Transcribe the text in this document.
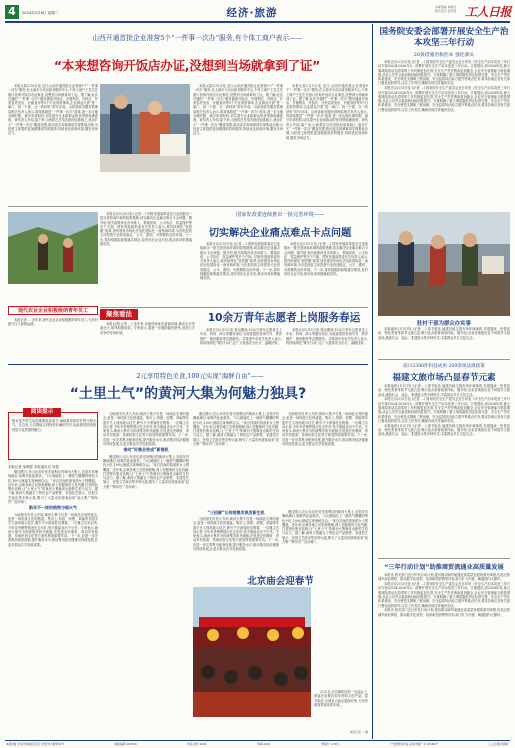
4	2024年2月6日 星期二	经济·旅游	本版责编: 韩新宇
版式设计: 张芳雯 工人日报
山西开通首批企业准营5个“一件事一次办”服务,有个体工商户表示——
“本来想咨询开饭店办证,没想到当场就拿到了证”

本报太原2月5日电 近日,山西开通首批企业准营5个“一件事一次办”服务,在太原市小店区政务服务中心,个体工商户王先生在窗口咨询开饭店办证事宜,没想到当场就拿到了证。据了解,此次开通的“一件事一次办”服务涵盖开饭店、开便利店、开药店、开美容美发店、开健身房等5个行业准营事项,企业群众只需“进一扇门、找一个窗、交一套材料”即可办成。山西省政务服务管理局相关负责人表示,将持续推进“一件事一次办”改革,进一步压缩办理时限、减少申请材料,切实提升企业和群众的获得感和满意度。该负责人介绍,接下来,山西将在总结首批经验基础上,逐步扩大“一件事一次办”覆盖范围,推动更多高频事项实现集成办理,为经营主体提供更加便捷高效的服务,持续优化营商环境,激发市场活力。

本报太原2月5日电 近日,山西开通首批企业准营5个“一件事一次办”服务,在太原市小店区政务服务中心,个体工商户王先生在窗口咨询开饭店办证事宜,没想到当场就拿到了证。据了解,此次开通的“一件事一次办”服务涵盖开饭店、开便利店、开药店、开美容美发店、开健身房等5个行业准营事项,企业群众只需“进一扇门、找一个窗、交一套材料”即可办成。山西省政务服务管理局相关负责人表示,将持续推进“一件事一次办”改革,进一步压缩办理时限、减少申请材料,切实提升企业和群众的获得感和满意度。该负责人介绍,接下来,山西将在总结首批经验基础上,逐步扩大“一件事一次办”覆盖范围,推动更多高频事项实现集成办理,为经营主体提供更加便捷高效的服务,持续优化营商环境,激发市场活力。

本报太原2月5日电 近日,山西开通首批企业准营5个“一件事一次办”服务,在太原市小店区政务服务中心,个体工商户王先生在窗口咨询开饭店办证事宜,没想到当场就拿到了证。据了解,此次开通的“一件事一次办”服务涵盖开饭店、开便利店、开药店、开美容美发店、开健身房等5个行业准营事项,企业群众只需“进一扇门、找一个窗、交一套材料”即可办成。山西省政务服务管理局相关负责人表示,将持续推进“一件事一次办”改革,进一步压缩办理时限、减少申请材料,切实提升企业和群众的获得感和满意度。该负责人介绍,接下来,山西将在总结首批经验基础上,逐步扩大“一件事一次办”覆盖范围,推动更多高频事项实现集成办理,为经营主体提供更加便捷高效的服务,持续优化营商环境,激发市场活力。

国家发改委连续推出一批完善环境——
切实解决企业痛点难点卡点问题
现代农业企业积极吸纳青年员工

本报记者 ... 近年来,现代农业企业积极吸纳青年员工,为乡村振兴注入新鲜血液。

本报北京2月5日电 (记者 ...) 国家发展改革委近日连续推出一批完善营商环境的政策措施,切实解决企业痛点难点卡点问题。据介绍,相关政策涉及市场准入、要素获取、公平执法、权益保护等多个方面。国家发展改革委有关负责人表示,将持续深化“放管服”改革,加快建设市场化法治化国际化一流营商环境,为各类经营主体投资兴业营造稳定、公平、透明、可预期的良好环境。下一步,将持续跟踪政策落实情况,及时回应企业关切,推动各项举措落地见效。	本报北京2月5日电 (记者 ...) 国家发展改革委近日连续推出一批完善营商环境的政策措施,切实解决企业痛点难点卡点问题。据介绍,相关政策涉及市场准入、要素获取、公平执法、权益保护等多个方面。国家发展改革委有关负责人表示,将持续深化“放管服”改革,加快建设市场化法治化国际化一流营商环境,为各类经营主体投资兴业营造稳定、公平、透明、可预期的良好环境。下一步,将持续跟踪政策落实情况,及时回应企业关切,推动各项举措落地见效。

本报北京2月5日电 (记者 ...) 国家发展改革委近日连续推出一批完善营商环境的政策措施,切实解决企业痛点难点卡点问题。据介绍,相关政策涉及市场准入、要素获取、公平执法、权益保护等多个方面。国家发展改革委有关负责人表示,将持续深化“放管服”改革,加快建设市场化法治化国际化一流营商环境,为各类经营主体投资兴业营造稳定、公平、透明、可预期的良好环境。下一步,将持续跟踪政策落实情况,及时回应企业关切,推动各项举措落地见效。

聚焦看法

本报记者(记者 ...) 近年来,各地持续优化营商环境,推动企业发展壮大,取得积极成效。专家表示,要进一步破除隐性壁垒,营造公平竞争的市场环境。

10余万青年志愿者上岗服务春运

本报北京2月5日电 春运期间,10余万青年志愿者走上车站、机场、码头等服务岗位,为旅客提供咨询引导、秩序维护、便民服务等志愿服务。共青团中央有关负责人表示,将持续深化“暖冬行动”,让广大旅客安全出行、温暖回家。

本报北京2月5日电 春运期间,10余万青年志愿者走上车站、机场、码头等服务岗位,为旅客提供咨询引导、秩序维护、便民服务等志愿服务。共青团中央有关负责人表示,将持续深化“暖冬行动”,让广大旅客安全出行、温暖回家。

2元享用特色美食,100元实现“海鲜自由”——
“土里土气”的黄河大集为何魅力独具?
阅读提示
集市是乡村生活的重要组成部分,承载着浓浓的乡愁与烟火气。在这里,人们既能买到物美价廉的年货,也能感受到传统民俗文化的独特魅力。
本报记者 邹明强 本报通讯员 吴强

刚过腊月,在山东省东营市垦利区的黄河大集上,各类年货琳琅满目,吆喝声此起彼伏。“2元就能吃上一碗热气腾腾的特色小吃,100元就能实现海鲜自由。”来自济南的游客张女士感慨道。近年来,沿黄各地立足资源禀赋,深入挖掘黄河文化内涵,打造特色集市品牌,让“土里土气”的黄河大集焕发出新的生机与活力。据了解,黄河大集融合了特色农产品销售、非遗技艺展示、民俗文艺演出等多种元素,吸引了大量市民游客前来“赶大集”“购年货”“品年味”。

新年不一样的购物与烟火气

当地相关负责人介绍,黄河大集不仅是一场商品交易的盛会,更是一场传统文化的盛宴。集市上,剪纸、面塑、草编等非遗手艺人现场展示技艺,吸引不少游客驻足观看。一位摊主告诉记者,今年年货销售情况比去年好,每天都能卖出不少货。专家表示,黄河大集作为传统集市的升级版,在促进农民增收、带动乡村旅游、传承民俗文化等方面发挥着重要作用。下一步,应进一步完善集市配套设施,提升服务水平,推动集市经济健康可持续发展,让更多群众共享发展成果。

当地相关负责人介绍,黄河大集不仅是一场商品交易的盛会,更是一场传统文化的盛宴。集市上,剪纸、面塑、草编等非遗手艺人现场展示技艺,吸引不少游客驻足观看。一位摊主告诉记者,今年年货销售情况比去年好,每天都能卖出不少货。专家表示,黄河大集作为传统集市的升级版,在促进农民增收、带动乡村旅游、传承民俗文化等方面发挥着重要作用。下一步,应进一步完善集市配套设施,提升服务水平,推动集市经济健康可持续发展,让更多群众共享发展成果。

推动“好集会变成”新商机

刚过腊月,在山东省东营市垦利区的黄河大集上,各类年货琳琅满目,吆喝声此起彼伏。“2元就能吃上一碗热气腾腾的特色小吃,100元就能实现海鲜自由。”来自济南的游客张女士感慨道。近年来,沿黄各地立足资源禀赋,深入挖掘黄河文化内涵,打造特色集市品牌,让“土里土气”的黄河大集焕发出新的生机与活力。据了解,黄河大集融合了特色农产品销售、非遗技艺展示、民俗文艺演出等多种元素,吸引了大量市民游客前来“赶大集”“购年货”“品年味”。

刚过腊月,在山东省东营市垦利区的黄河大集上,各类年货琳琅满目,吆喝声此起彼伏。“2元就能吃上一碗热气腾腾的特色小吃,100元就能实现海鲜自由。”来自济南的游客张女士感慨道。近年来,沿黄各地立足资源禀赋,深入挖掘黄河文化内涵,打造特色集市品牌,让“土里土气”的黄河大集焕发出新的生机与活力。据了解,黄河大集融合了特色农产品销售、非遗技艺展示、民俗文艺演出等多种元素,吸引了大量市民游客前来“赶大集”“购年货”“品年味”。

当地相关负责人介绍,黄河大集不仅是一场商品交易的盛会,更是一场传统文化的盛宴。集市上,剪纸、面塑、草编等非遗手艺人现场展示技艺,吸引不少游客驻足观看。一位摊主告诉记者,今年年货销售情况比去年好,每天都能卖出不少货。专家表示,黄河大集作为传统集市的升级版,在促进农民增收、带动乡村旅游、传承民俗文化等方面发挥着重要作用。下一步,应进一步完善集市配套设施,提升服务水平,推动集市经济健康可持续发展,让更多群众共享发展成果。

“三招鲜”让传统集市焕发新生机

当地相关负责人介绍,黄河大集不仅是一场商品交易的盛会,更是一场传统文化的盛宴。集市上,剪纸、面塑、草编等非遗手艺人现场展示技艺,吸引不少游客驻足观看。一位摊主告诉记者,今年年货销售情况比去年好,每天都能卖出不少货。专家表示,黄河大集作为传统集市的升级版,在促进农民增收、带动乡村旅游、传承民俗文化等方面发挥着重要作用。下一步,应进一步完善集市配套设施,提升服务水平,推动集市经济健康可持续发展,让更多群众共享发展成果。

刚过腊月,在山东省东营市垦利区的黄河大集上,各类年货琳琅满目,吆喝声此起彼伏。“2元就能吃上一碗热气腾腾的特色小吃,100元就能实现海鲜自由。”来自济南的游客张女士感慨道。近年来,沿黄各地立足资源禀赋,深入挖掘黄河文化内涵,打造特色集市品牌,让“土里土气”的黄河大集焕发出新的生机与活力。据了解,黄河大集融合了特色农产品销售、非遗技艺展示、民俗文艺演出等多种元素,吸引了大量市民游客前来“赶大集”“购年货”“品年味”。

北京庙会迎春节

2月5日,北京朝阳区的一处庙会上,游客在参观各类年货和文创产品。春节临近,京城各大庙会陆续开张,为市民游客带来浓浓年味。

本报记者 ... 摄
国务院安委会部署开展安全生产治本攻坚三年行动
20条措施治根治本 强化源头

本报北京2月5日电 (记者 ...) 国务院安全生产委员会近日印发《安全生产治本攻坚三年行动方案(2024-2026年)》,部署开展安全生产治本攻坚三年行动。方案提出,到2026年底,重大事故隐患动态清零的工作机制更加完善,安全生产责任链条更加健全,企业安全管理能力明显增强,从业人员安全素质和技能明显提升。方案明确了重大事故隐患判定标准完善、安全生产责任体系建设、安全科技支撑和工程治理、安全监管执法能力提升等重点任务,要求各地区各有关部门强化组织领导,压实工作责任,确保各项任务落到实处。

本报北京2月5日电 (记者 ...) 国务院安全生产委员会近日印发《安全生产治本攻坚三年行动方案(2024-2026年)》,部署开展安全生产治本攻坚三年行动。方案提出,到2026年底,重大事故隐患动态清零的工作机制更加完善,安全生产责任链条更加健全,企业安全管理能力明显增强,从业人员安全素质和技能明显提升。方案明确了重大事故隐患判定标准完善、安全生产责任体系建设、安全科技支撑和工程治理、安全监管执法能力提升等重点任务,要求各地区各有关部门强化组织领导,压实工作责任,确保各项任务落到实处。

驻村干部为群众办实事

本报福州2月5日电 (记者 ...) 春节临近,福建各地文旅市场年味渐浓,非遗展演、民俗活动、特色美食等春节元素凸显,吸引众多游客前来体验。据介绍,全省各地推出近千场春节文旅活动,涵盖灯会、庙会、非遗展示等多种形式,丰富群众节日文化生活。

前川2306件科技成果·200余项法规政策
福建文旅市场凸显春节元素

本报福州2月5日电 (记者 ...) 春节临近,福建各地文旅市场年味渐浓,非遗展演、民俗活动、特色美食等春节元素凸显,吸引众多游客前来体验。据介绍,全省各地推出近千场春节文旅活动,涵盖灯会、庙会、非遗展示等多种形式,丰富群众节日文化生活。

本报北京2月5日电 (记者 ...) 国务院安全生产委员会近日印发《安全生产治本攻坚三年行动方案(2024-2026年)》,部署开展安全生产治本攻坚三年行动。方案提出,到2026年底,重大事故隐患动态清零的工作机制更加完善,安全生产责任链条更加健全,企业安全管理能力明显增强,从业人员安全素质和技能明显提升。方案明确了重大事故隐患判定标准完善、安全生产责任体系建设、安全科技支撑和工程治理、安全监管执法能力提升等重点任务,要求各地区各有关部门强化组织领导,压实工作责任,确保各项任务落到实处。

本报福州2月5日电 (记者 ...) 春节临近,福建各地文旅市场年味渐浓,非遗展演、民俗活动、特色美食等春节元素凸显,吸引众多游客前来体验。据介绍,全省各地推出近千场春节文旅活动,涵盖灯会、庙会、非遗展示等多种形式,丰富群众节日文化生活。

“三年行动计划”助推商贸流通业高质量发展

本报讯 相关部门近日印发行动计划,提出推动商贸流通业高质量发展的系列举措,包括完善城乡商业网络、推动数字化转型、培育新型消费等内容,助力扩大内需、畅通国内大循环。

本报北京2月5日电 (记者 ...) 国务院安全生产委员会近日印发《安全生产治本攻坚三年行动方案(2024-2026年)》,部署开展安全生产治本攻坚三年行动。方案提出,到2026年底,重大事故隐患动态清零的工作机制更加完善,安全生产责任链条更加健全,企业安全管理能力明显增强,从业人员安全素质和技能明显提升。方案明确了重大事故隐患判定标准完善、安全生产责任体系建设、安全科技支撑和工程治理、安全监管执法能力提升等重点任务,要求各地区各有关部门强化组织领导,压实工作责任,确保各项任务落到实处。

本报讯 相关部门近日印发行动计划,提出推动商贸流通业高质量发展的系列举措,包括完善城乡商业网络、推动数字化转型、培育新型消费等内容,助力扩大内需、畅通国内大循环。

本报地址:北京市东城区安定门外安外大街甲81号	邮政编码:100718	电话:总机 2221	传真:2221	零售价: 1.50元	广告经营许可证:京东市监广字 20160号	工人日报社印刷厂
